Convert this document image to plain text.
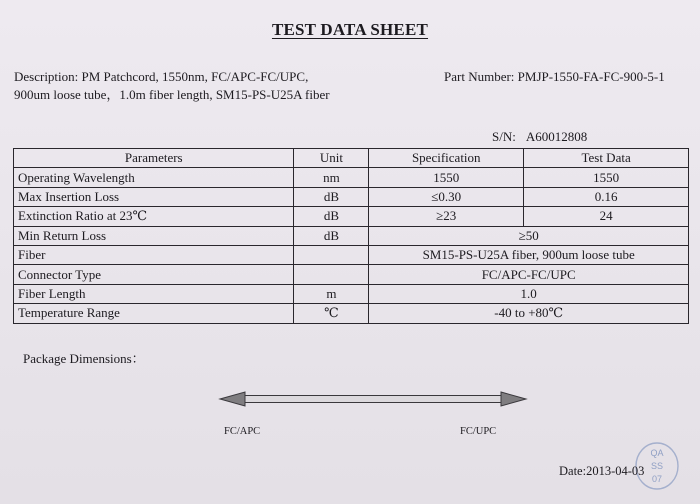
TEST DATA SHEET
Description: PM Patchcord, 1550nm, FC/APC-FC/UPC,
900um loose tube，1.0m fiber length, SM15-PS-U25A fiber
Part Number: PMJP-1550-FA-FC-900-5-1
S/N: A60012808
Parameters	Unit	Specification	Test Data
Operating Wavelength	nm	1550	1550
Max Insertion Loss	dB	≤0.30	0.16
Extinction Ratio at 23℃	dB	≥23	24
Min Return Loss	dB	≥50	
Fiber		SM15-PS-U25A fiber, 900um loose tube	
Connector Type		FC/APC-FC/UPC	
Fiber Length	m	1.0	
Temperature Range	℃	-40 to +80℃	
Package Dimensions：
FC/APC	FC/UPC
QA
SS
07
Date:2013-04-03
